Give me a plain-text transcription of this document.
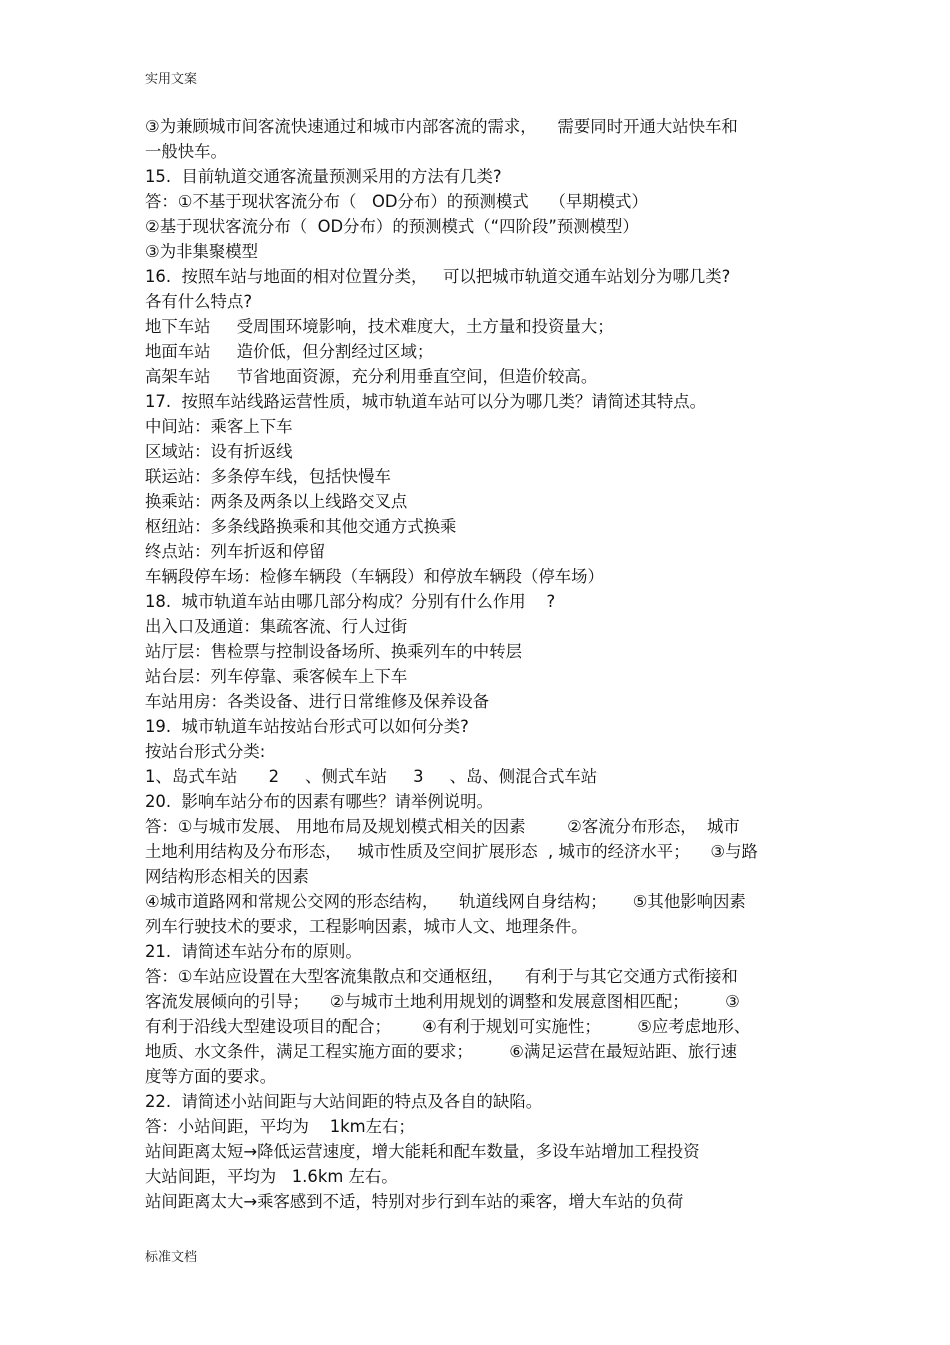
实用文案
③为兼顾城市间客流快速通过和城市内部客流的需求，    需要同时开通大站快车和
一般快车。
15.  目前轨道交通客流量预测采用的方法有几类?
答：①不基于现状客流分布（   OD分布）的预测模式    （早期模式）
②基于现状客流分布（  OD分布）的预测模式（“四阶段”预测模型）
③为非集聚模型
16.  按照车站与地面的相对位置分类，   可以把城市轨道交通车站划分为哪几类?
各有什么特点?
地下车站     受周围环境影响，技术难度大，土方量和投资量大；
地面车站     造价低，但分割经过区域；
高架车站     节省地面资源，充分利用垂直空间，但造价较高。
17.  按照车站线路运营性质，城市轨道车站可以分为哪几类？请简述其特点。
中间站：乘客上下车
区域站：设有折返线
联运站：多条停车线，包括快慢车
换乘站：两条及两条以上线路交叉点
枢纽站：多条线路换乘和其他交通方式换乘
终点站：列车折返和停留
车辆段停车场：检修车辆段（车辆段）和停放车辆段（停车场）
18.  城市轨道车站由哪几部分构成？分别有什么作用    ?
出入口及通道：集疏客流、行人过街
站厅层：售检票与控制设备场所、换乘列车的中转层
站台层：列车停靠、乘客候车上下车
车站用房：各类设备、进行日常维修及保养设备
19.  城市轨道车站按站台形式可以如何分类?
按站台形式分类:
1、岛式车站      2     、侧式车站     3     、岛、侧混合式车站
20.  影响车站分布的因素有哪些？请举例说明。
答：①与城市发展、 用地布局及规划模式相关的因素        ②客流分布形态，  城市
土地利用结构及分布形态，   城市性质及空间扩展形态  , 城市的经济水平；    ③与路
网结构形态相关的因素
④城市道路网和常规公交网的形态结构，    轨道线网自身结构；     ⑤其他影响因素
列车行驶技术的要求，工程影响因素，城市人文、地理条件。
21.  请简述车站分布的原则。
答：①车站应设置在大型客流集散点和交通枢纽，    有利于与其它交通方式衔接和
客流发展倾向的引导；    ②与城市土地利用规划的调整和发展意图相匹配；       ③
有利于沿线大型建设项目的配合；      ④有利于规划可实施性；       ⑤应考虑地形、
地质、水文条件，满足工程实施方面的要求；       ⑥满足运营在最短站距、旅行速
度等方面的要求。
22.  请简述小站间距与大站间距的特点及各自的缺陷。
答：小站间距，平均为    1km左右；
站间距离太短→降低运营速度，增大能耗和配车数量，多设车站增加工程投资
大站间距，平均为   1.6km 左右。
站间距离太大→乘客感到不适，特别对步行到车站的乘客，增大车站的负荷
标准文档
